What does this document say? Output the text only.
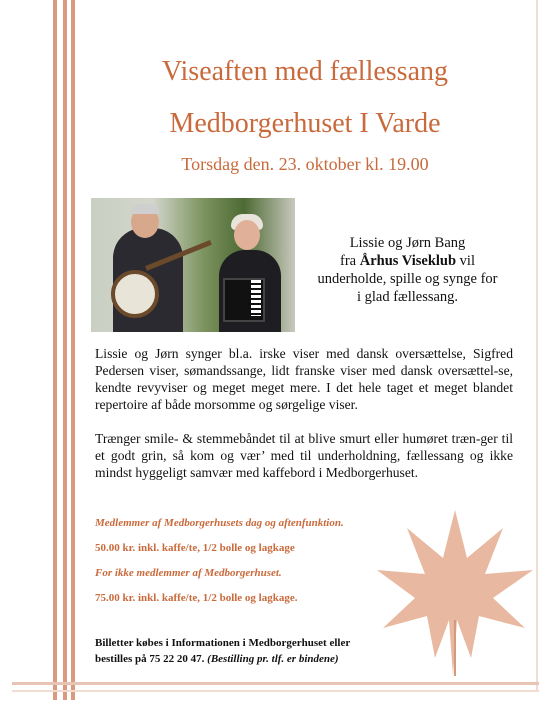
Viseaften med fællessang
Medborgerhuset I Varde
Torsdag den. 23. oktober kl. 19.00
Lissie og Jørn Bang
fra Århus Viseklub vil
underholde, spille og synge for
i glad fællessang.

Lissie og Jørn synger bl.a. irske viser med dansk oversættelse, Sigfred Pedersen viser, sømandssange, lidt franske viser med dansk oversættel-se, kendte revyviser og meget meget mere. I det hele taget et meget blandet repertoire af både morsomme og sørgelige viser.

Trænger smile- & stemmebåndet til at blive smurt eller humøret træn-ger til et godt grin, så kom og vær’ med til underholdning, fællessang og ikke mindst hyggeligt samvær med kaffebord i Medborgerhuset.

Medlemmer af Medborgerhusets dag og aftenfunktion.

50.00 kr. inkl. kaffe/te, 1/2 bolle og lagkage

For ikke medlemmer af Medborgerhuset.

75.00 kr. inkl. kaffe/te, 1/2 bolle og lagkage.

Billetter købes i Informationen i Medborgerhuset eller
bestilles på 75 22 20 47. (Bestilling pr. tlf. er bindene)
